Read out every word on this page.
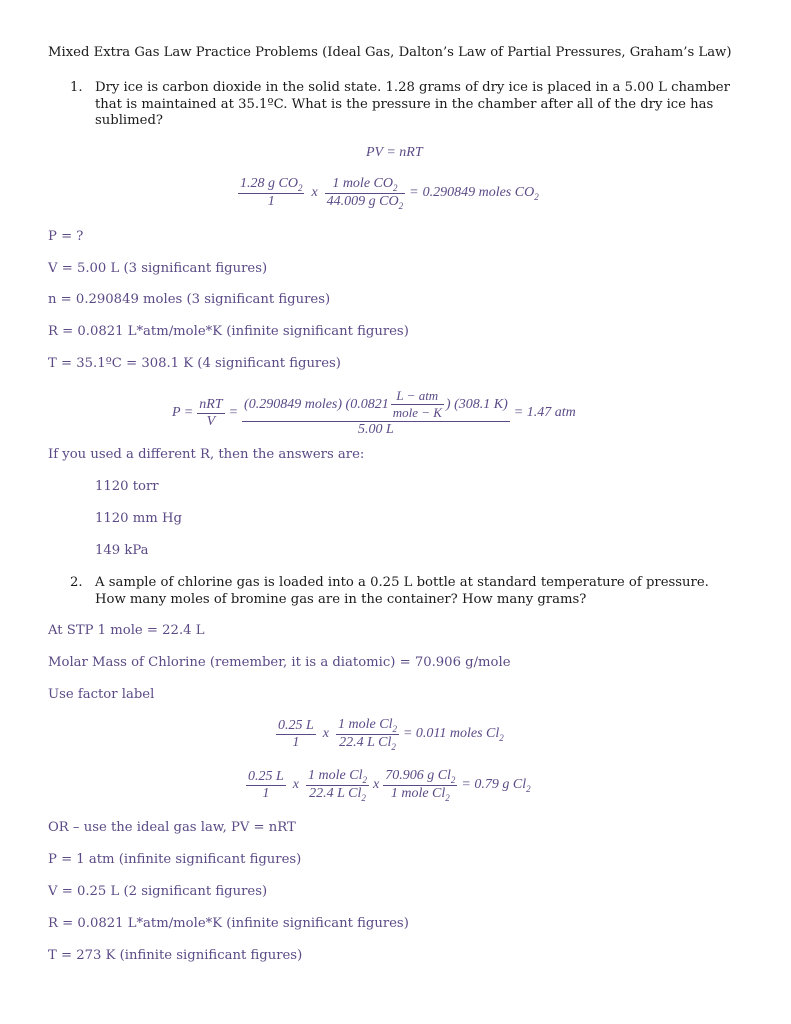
Mixed Extra Gas Law Practice Problems (Ideal Gas, Dalton’s Law of Partial Pressures, Graham’s Law)
1. Dry ice is carbon dioxide in the solid state. 1.28 grams of dry ice is placed in a 5.00 L chamber that is maintained at 35.1ºC. What is the pressure in the chamber after all of the dry ice has sublimed?
PV = nRT
$\frac{1.28 g CO_2}{1}$ x $\frac{1 mole CO_2}{44.009 g CO_2} = 0.290849$ moles $CO_2$
P = ?
V = 5.00 L (3 significant figures)
n = 0.290849 moles (3 significant figures)
R = 0.0821 L*atm/mole*K (infinite significant figures)
T = 35.1ºC = 308.1 K (4 significant figures)
$P = \frac{\text{nRT}}{V}$ =
(0.290849 moles) ($0.0821 \frac{\text{L − atm}}{\text{mole − K}}$ ) (308.1 K)
5.00 L
= 1.47 atm
If you used a different R, then the answers are:
1120 torr
1120 mm Hg
149 kPa
2. A sample of chlorine gas is loaded into a 0.25 L bottle at standard temperature of pressure. How many moles of bromine gas are in the container? How many grams?
At STP 1 mole = 22.4 L
Molar Mass of Chlorine (remember, it is a diatomic) = 70.906 g/mole
Use factor label
$\frac{0.25 L}{1}$ x $\frac{1 mole Cl_2}{22.4 L Cl_2} = 0.011$ moles $Cl_2$
$\frac{0.25 L}{1}$ x $\frac{1 mole Cl_2}{22.4 L Cl_2}$ x $\frac{70.906 g Cl_2}{1 mole Cl_2} = 0.79$ g $Cl_2$
OR – use the ideal gas law, PV = nRT
P = 1 atm (infinite significant figures)
V = 0.25 L (2 significant figures)
R = 0.0821 L*atm/mole*K (infinite significant figures)
T = 273 K (infinite significant figures)
